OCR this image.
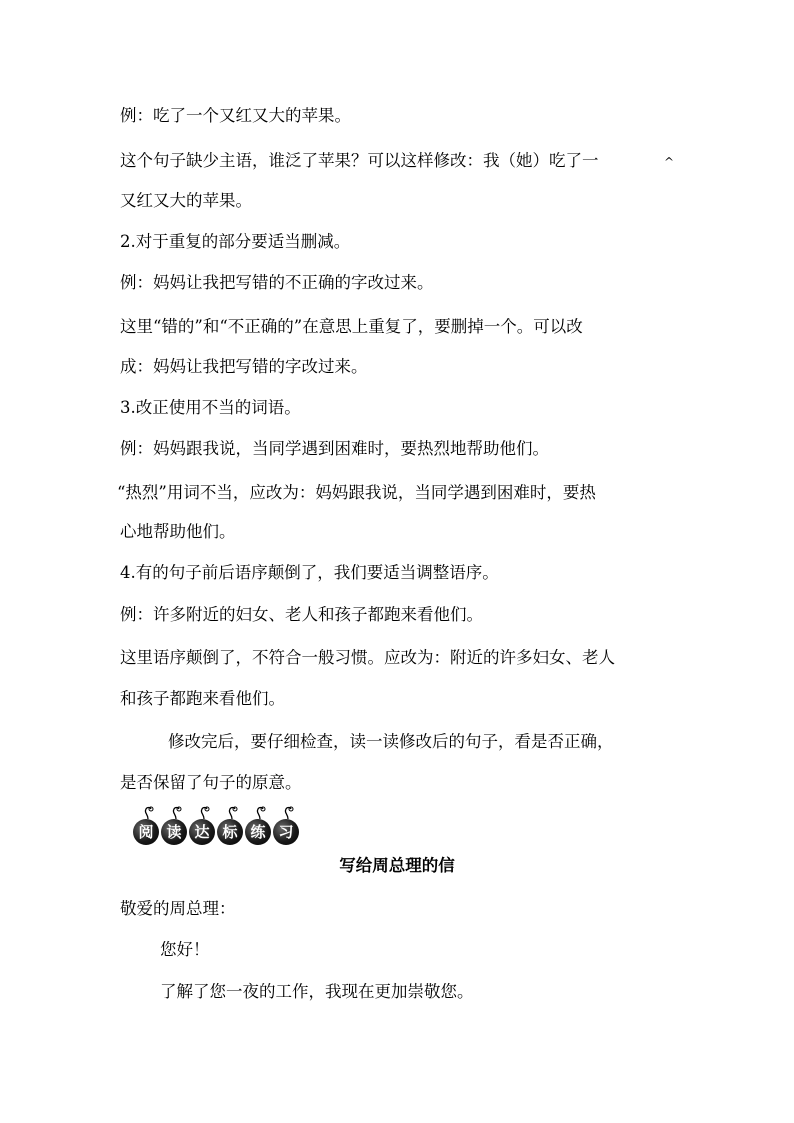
例：吃了一个又红又大的苹果。

这个句子缺少主语，谁泛了苹果？可以这样修改：我（她）吃了一	^

又红又大的苹果。

2.对于重复的部分要适当删减。

例：妈妈让我把写错的不正确的字改过来。

这里“错的”和“不正确的”在意思上重复了，要删掉一个。可以改

成：妈妈让我把写错的字改过来。

3.改正使用不当的词语。

例：妈妈跟我说，当同学遇到困难时，要热烈地帮助他们。

“热烈”用词不当，应改为：妈妈跟我说，当同学遇到困难时，要热

心地帮助他们。

4.有的句子前后语序颠倒了，我们要适当调整语序。

例：许多附近的妇女、老人和孩子都跑来看他们。

这里语序颠倒了，不符合一般习惯。应改为：附近的许多妇女、老人

和孩子都跑来看他们。

修改完后，要仔细检查，读一读修改后的句子，看是否正确，

是否保留了句子的原意。

阅 读 达 标 练 习
写给周总理的信

敬爱的周总理：

您好！

了解了您一夜的工作，我现在更加崇敬您。
